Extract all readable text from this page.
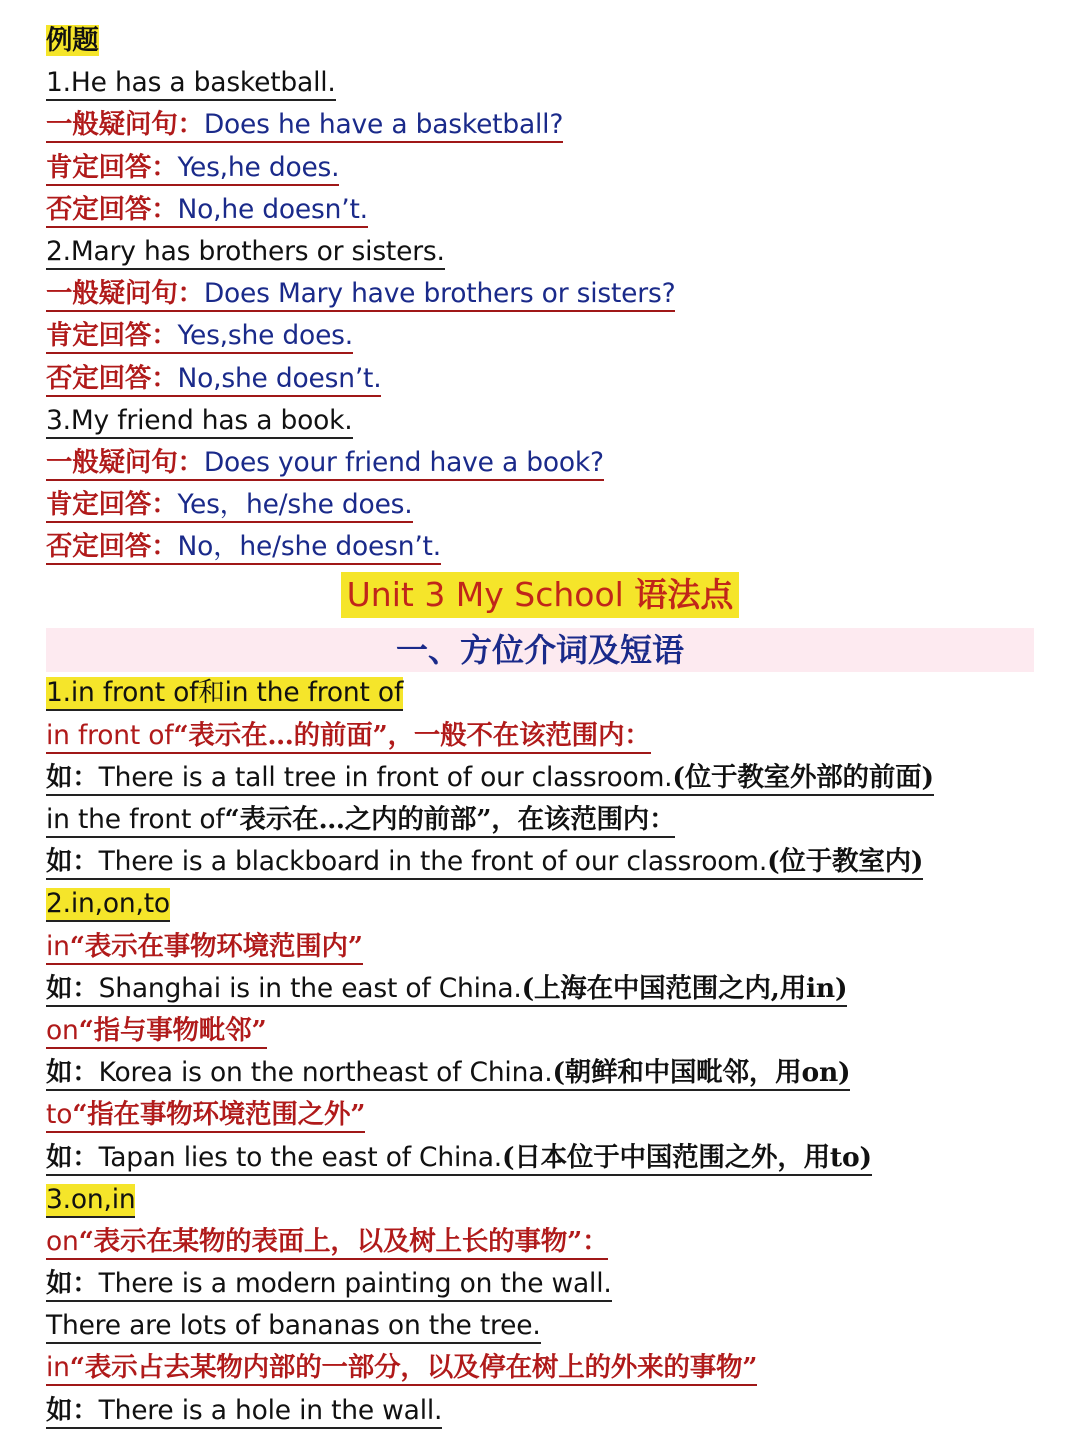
例题
1.He has a basketball.
一般疑问句：Does he have a basketball?
肯定回答：Yes,he does.
否定回答：No,he doesn’t.
2.Mary has brothers or sisters.
一般疑问句：Does Mary have brothers or sisters?
肯定回答：Yes,she does.
否定回答：No,she doesn’t.
3.My friend has a book.
一般疑问句：Does your friend have a book?
肯定回答：Yes，he/she does.
否定回答：No，he/she doesn’t.
Unit 3 My School 语法点
一、方位介词及短语
1.in front of和in the front of
in front of“表示在…的前面”，一般不在该范围内：
如：There is a tall tree in front of our classroom.(位于教室外部的前面)
in the front of“表示在…之内的前部”，在该范围内：
如：There is a blackboard in the front of our classroom.(位于教室内)
2.in,on,to
in“表示在事物环境范围内”
如：Shanghai is in the east of China.(上海在中国范围之内,用in)
on“指与事物毗邻”
如：Korea is on the northeast of China.(朝鲜和中国毗邻，用on)
to“指在事物环境范围之外”
如：Tapan lies to the east of China.(日本位于中国范围之外，用to)
3.on,in
on“表示在某物的表面上，以及树上长的事物”：
如：There is a modern painting on the wall.
There are lots of bananas on the tree.
in“表示占去某物内部的一部分，以及停在树上的外来的事物”
如：There is a hole in the wall.
